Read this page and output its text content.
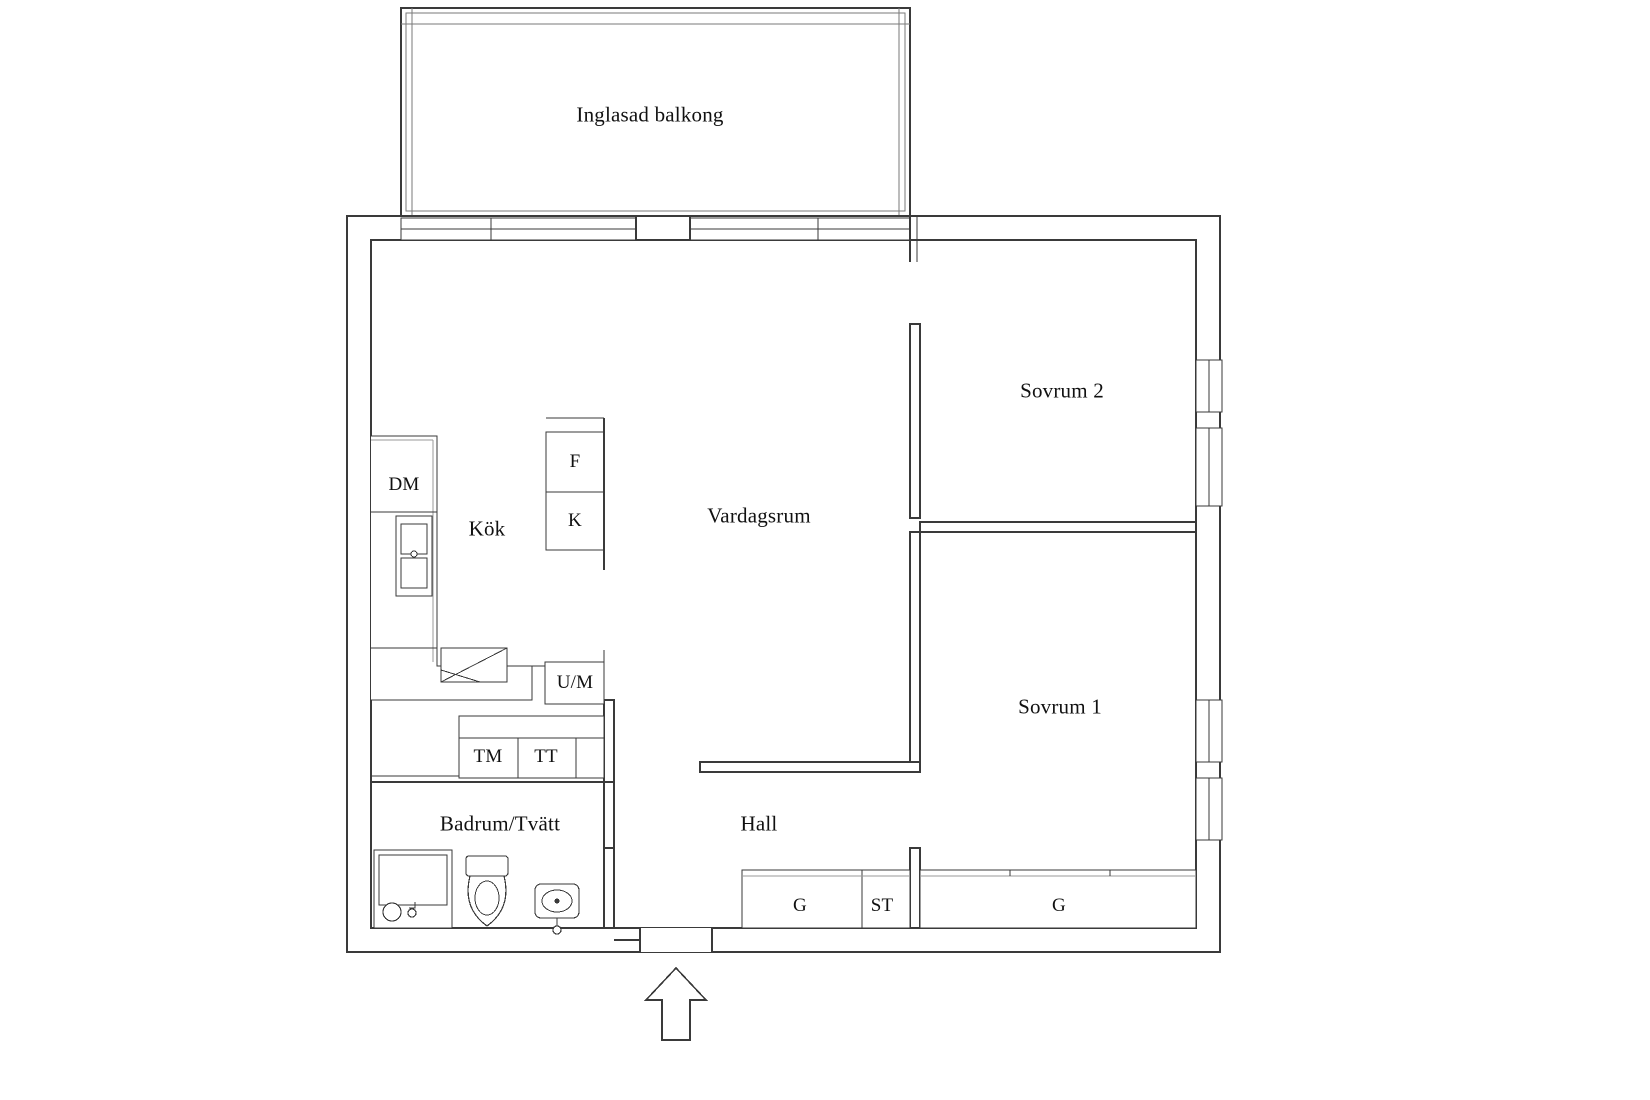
Inglasad balkong
Kök
Vardagsrum
Sovrum 2
Sovrum 1
Badrum/Tvätt	Hall
DM
F
K
U/M
TM TT
G	ST	G
